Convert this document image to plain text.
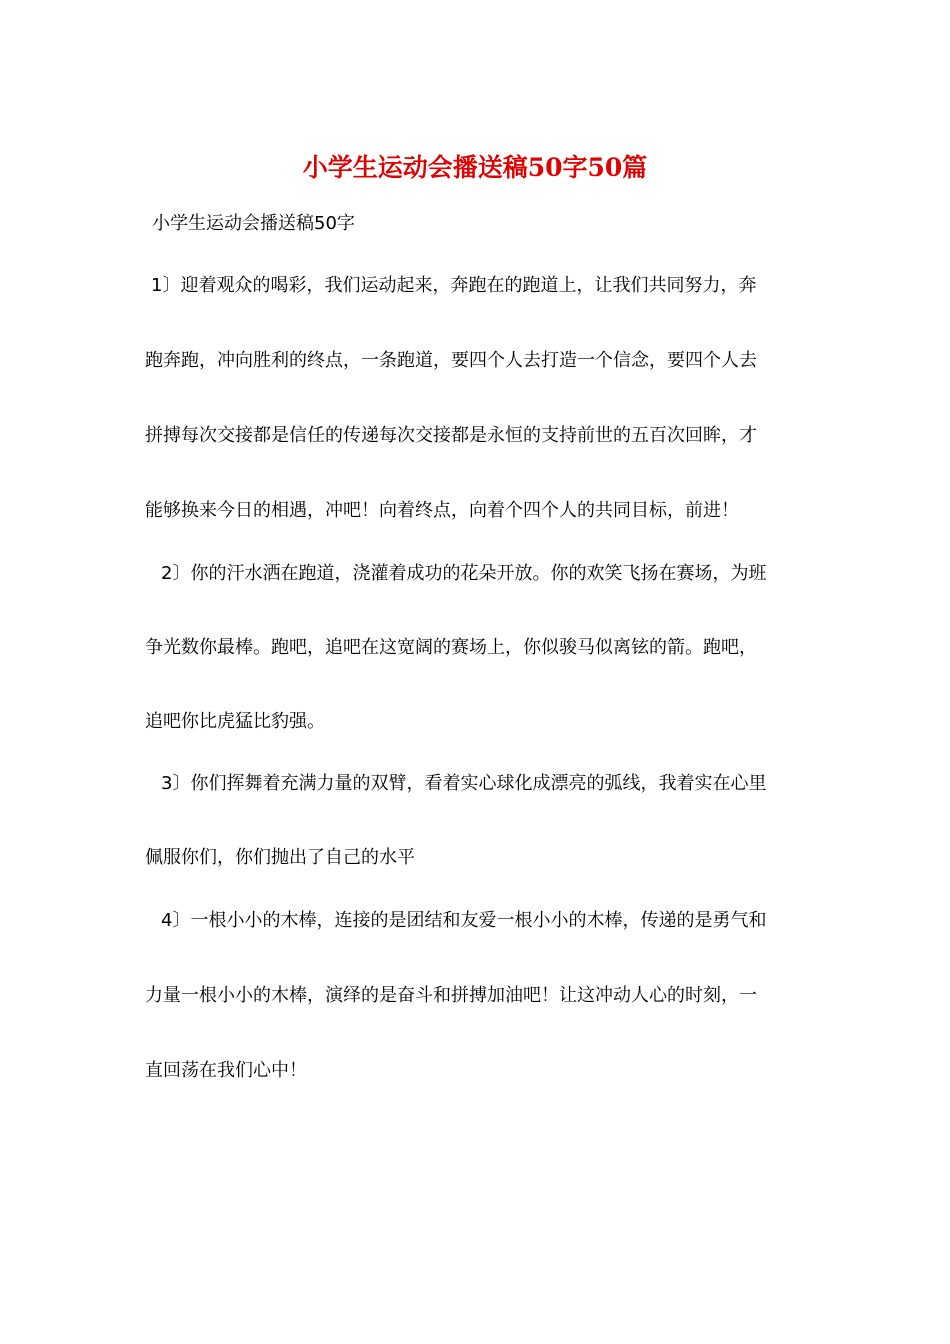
小学生运动会播送稿50字50篇
小学生运动会播送稿50字
1〕迎着观众的喝彩，我们运动起来，奔跑在的跑道上，让我们共同努力，奔
跑奔跑，冲向胜利的终点，一条跑道，要四个人去打造一个信念，要四个人去
拼搏每次交接都是信任的传递每次交接都是永恒的支持前世的五百次回眸，才
能够换来今日的相遇，冲吧！向着终点，向着个四个人的共同目标，前进！
2〕你的汗水洒在跑道，浇灌着成功的花朵开放。你的欢笑飞扬在赛场，为班
争光数你最棒。跑吧，追吧在这宽阔的赛场上，你似骏马似离铉的箭。跑吧，
追吧你比虎猛比豹强。
3〕你们挥舞着充满力量的双臂，看着实心球化成漂亮的弧线，我着实在心里
佩服你们，你们抛出了自己的水平
4〕一根小小的木棒，连接的是团结和友爱一根小小的木棒，传递的是勇气和
力量一根小小的木棒，演绎的是奋斗和拼搏加油吧！让这冲动人心的时刻，一
直回荡在我们心中！
